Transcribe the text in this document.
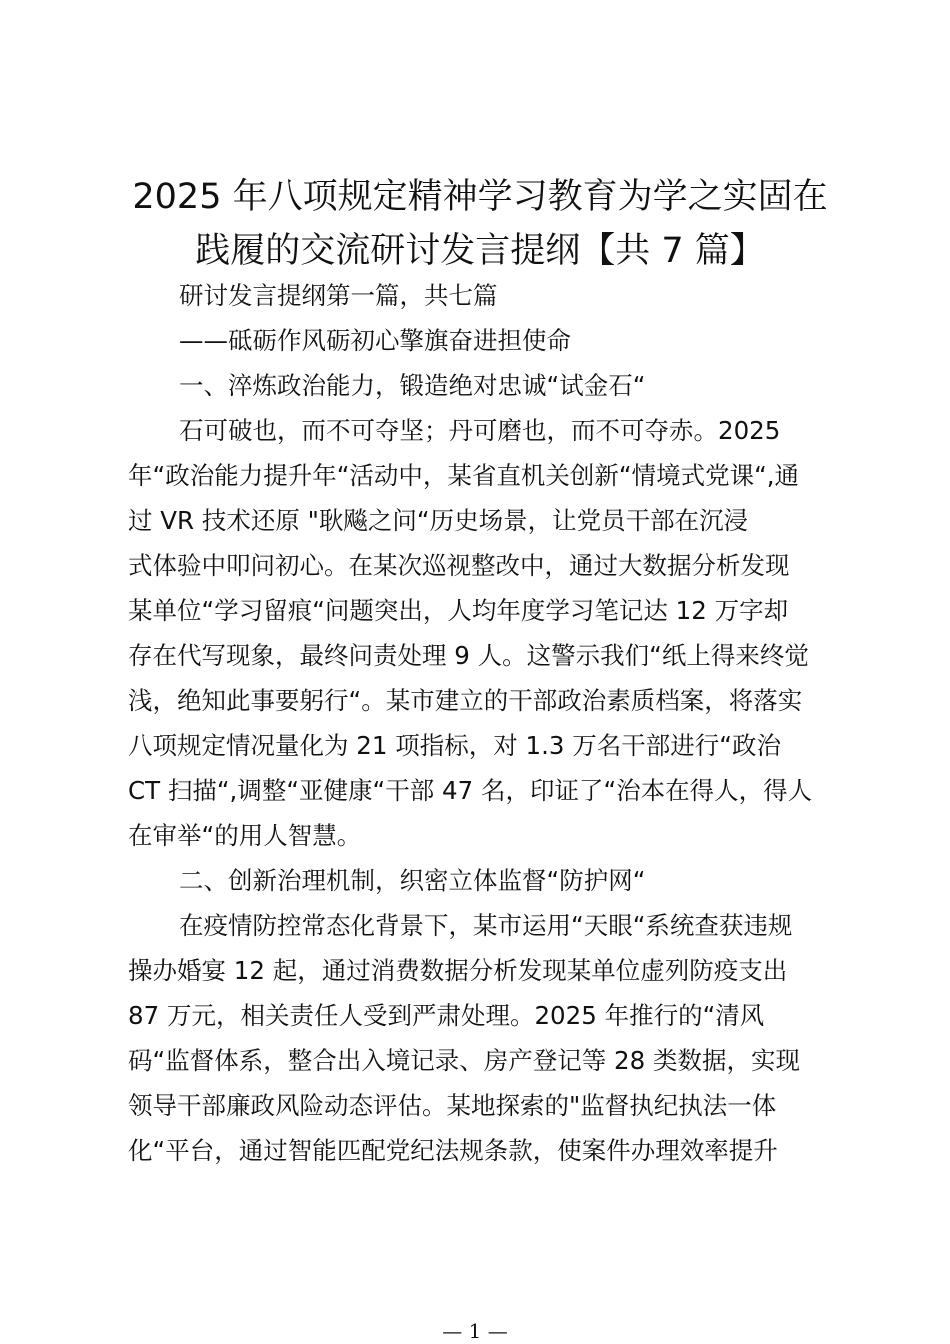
2025 年八项规定精神学习教育为学之实固在
践履的交流研讨发言提纲【共 7 篇】

研讨发言提纲第一篇，共七篇

——砥砺作风砺初心擎旗奋进担使命

一、淬炼政治能力，锻造绝对忠诚“试金石“

石可破也，而不可夺坚；丹可磨也，而不可夺赤。2025

年“政治能力提升年“活动中，某省直机关创新“情境式党课“,通

过 VR 技术还原 "耿飚之问“历史场景，让党员干部在沉浸

式体验中叩问初心。在某次巡视整改中，通过大数据分析发现

某单位“学习留痕“问题突出，人均年度学习笔记达 12 万字却

存在代写现象，最终问责处理 9 人。这警示我们“纸上得来终觉

浅，绝知此事要躬行“。某市建立的干部政治素质档案，将落实

八项规定情况量化为 21 项指标，对 1.3 万名干部进行“政治

CT 扫描“,调整“亚健康“干部 47 名，印证了“治本在得人，得人

在审举“的用人智慧。

二、创新治理机制，织密立体监督“防护网“

在疫情防控常态化背景下，某市运用“天眼“系统查获违规

操办婚宴 12 起，通过消费数据分析发现某单位虚列防疫支出

87 万元，相关责任人受到严肃处理。2025 年推行的“清风

码“监督体系，整合出入境记录、房产登记等 28 类数据，实现

领导干部廉政风险动态评估。某地探索的"监督执纪执法一体

化“平台，通过智能匹配党纪法规条款，使案件办理效率提升

— 1 —
